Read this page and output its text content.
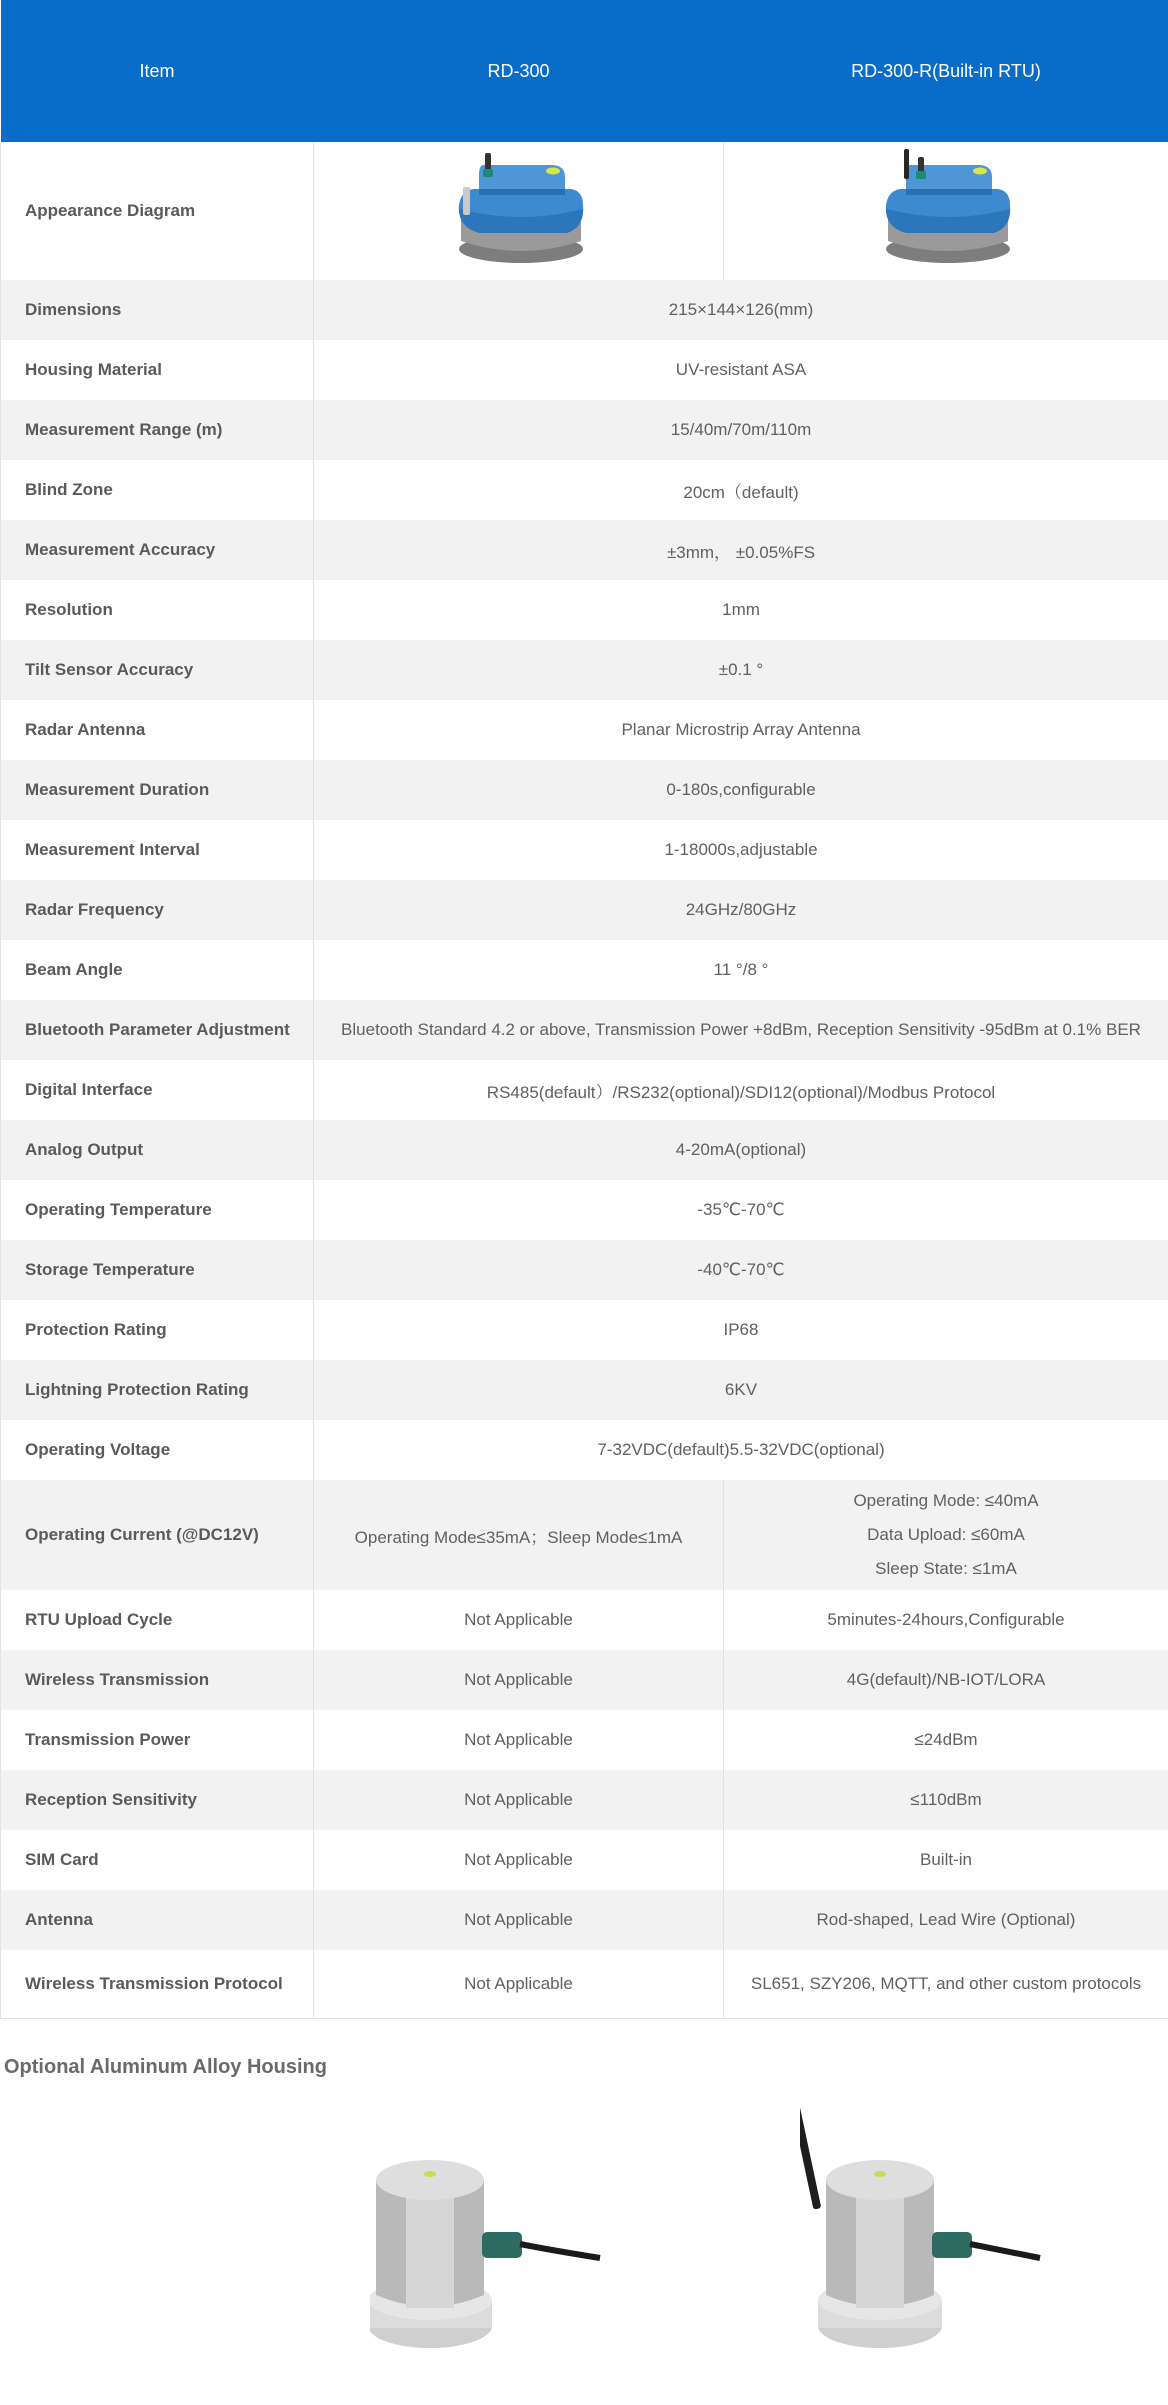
Item	RD-300	RD-300-R(Built-in RTU)
Appearance Diagram		
Dimensions	215×144×126(mm)	
Housing Material	UV-resistant ASA	
Measurement Range (m)	15/40m/70m/110m	
Blind Zone	20cm（default)	
Measurement Accuracy	±3mm， ±0.05%FS	
Resolution	1mm	
Tilt Sensor Accuracy	±0.1 °	
Radar Antenna	Planar Microstrip Array Antenna	
Measurement Duration	0-180s,configurable	
Measurement Interval	1-18000s,adjustable	
Radar Frequency	24GHz/80GHz	
Beam Angle	11 °/8 °	
Bluetooth Parameter Adjustment	Bluetooth Standard 4.2 or above, Transmission Power +8dBm, Reception Sensitivity -95dBm at 0.1% BER	
Digital Interface	RS485(default）/RS232(optional)/SDI12(optional)/Modbus Protocol	
Analog Output	4-20mA(optional)	
Operating Temperature	-35℃-70℃	
Storage Temperature	-40℃-70℃	
Protection Rating	IP68	
Lightning Protection Rating	6KV	
Operating Voltage	7-32VDC(default)5.5-32VDC(optional)	
Operating Current (@DC12V)	Operating Mode≤35mA；Sleep Mode≤1mA	Operating Mode: ≤40mA
Data Upload: ≤60mA
Sleep State: ≤1mA

RTU Upload Cycle	Not Applicable	5minutes-24hours,Configurable
Wireless Transmission	Not Applicable	4G(default)/NB-IOT/LORA
Transmission Power	Not Applicable	≤24dBm
Reception Sensitivity	Not Applicable	≤110dBm
SIM Card	Not Applicable	Built-in
Antenna	Not Applicable	Rod-shaped, Lead Wire (Optional)
Wireless Transmission Protocol	Not Applicable	SL651, SZY206, MQTT, and other custom protocols
Optional Aluminum Alloy Housing
